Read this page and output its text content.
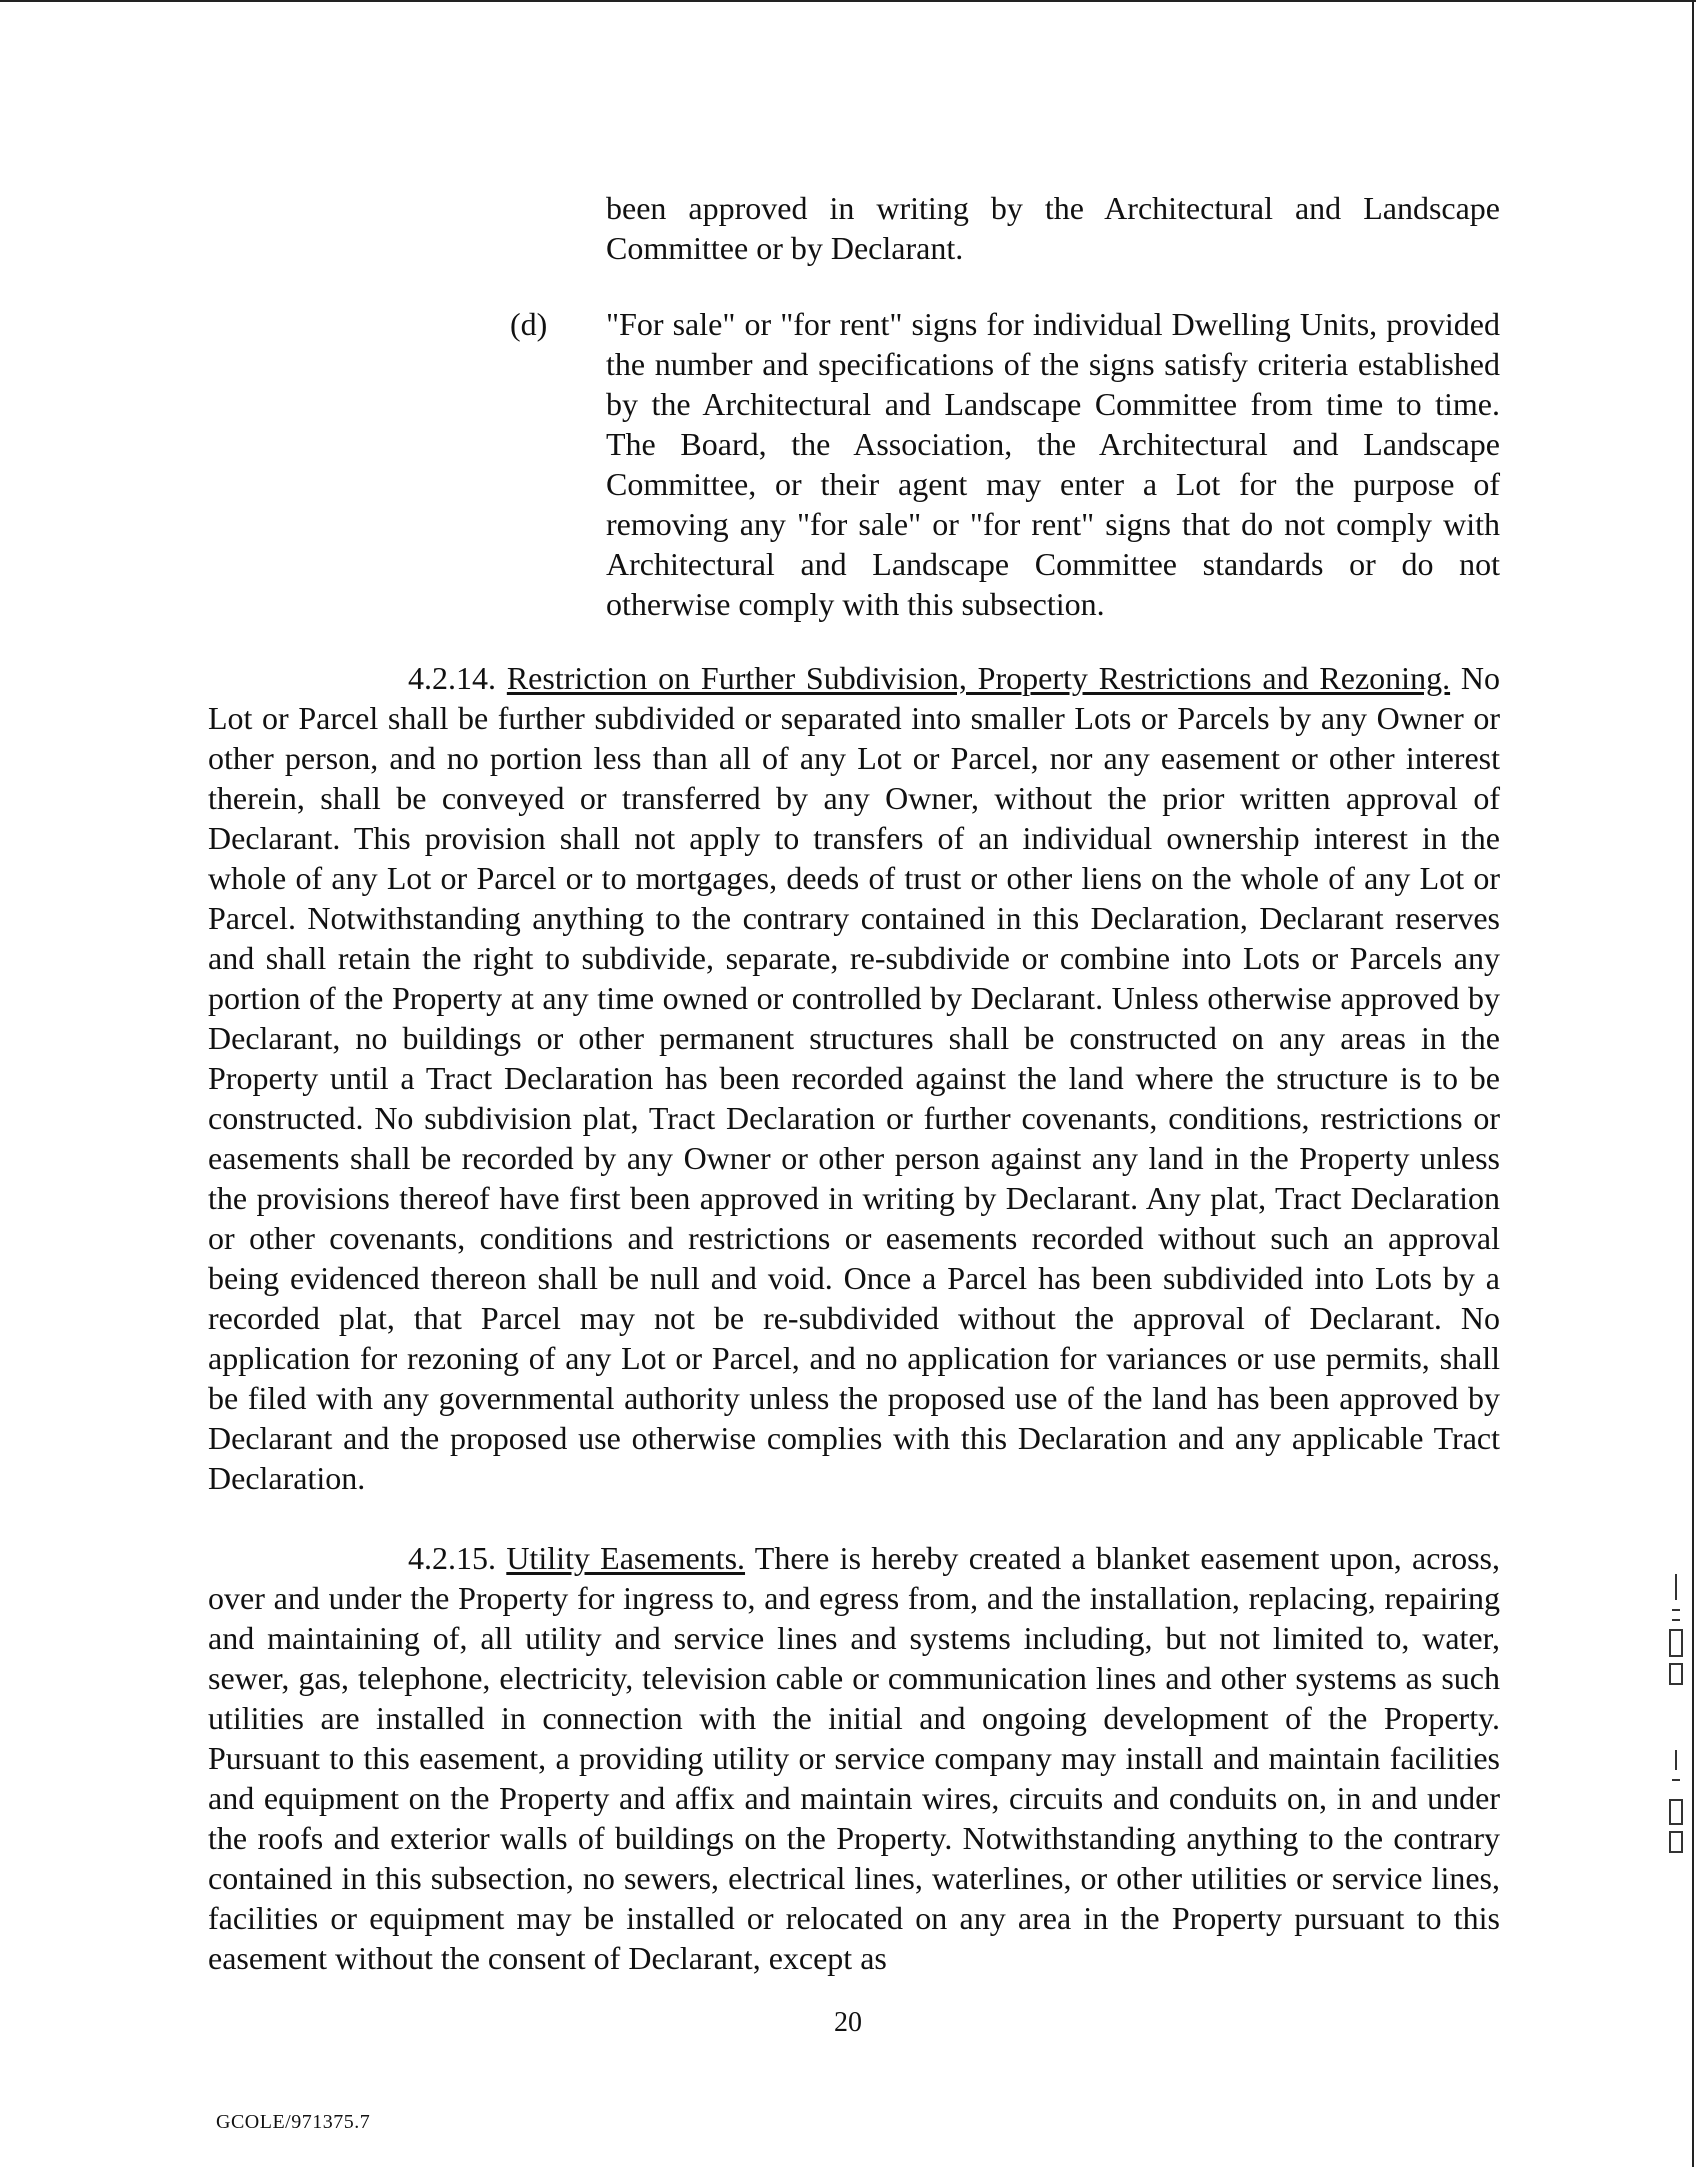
been approved in writing by the Architectural and Landscape Committee or by Declarant.

(d) "For sale" or "for rent" signs for individual Dwelling Units, provided the number and specifications of the signs satisfy criteria established by the Architectural and Landscape Committee from time to time. The Board, the Association, the Architectural and Landscape Committee, or their agent may enter a Lot for the purpose of removing any "for sale" or "for rent" signs that do not comply with Architectural and Landscape Committee standards or do not otherwise comply with this subsection.

4.2.14. Restriction on Further Subdivision, Property Restrictions and Rezoning. No Lot or Parcel shall be further subdivided or separated into smaller Lots or Parcels by any Owner or other person, and no portion less than all of any Lot or Parcel, nor any easement or other interest therein, shall be conveyed or transferred by any Owner, without the prior written approval of Declarant. This provision shall not apply to transfers of an individual ownership interest in the whole of any Lot or Parcel or to mortgages, deeds of trust or other liens on the whole of any Lot or Parcel. Notwithstanding anything to the contrary contained in this Declaration, Declarant reserves and shall retain the right to subdivide, separate, re-subdivide or combine into Lots or Parcels any portion of the Property at any time owned or controlled by Declarant. Unless otherwise approved by Declarant, no buildings or other permanent structures shall be constructed on any areas in the Property until a Tract Declaration has been recorded against the land where the structure is to be constructed. No subdivision plat, Tract Declaration or further covenants, conditions, restrictions or easements shall be recorded by any Owner or other person against any land in the Property unless the provisions thereof have first been approved in writing by Declarant. Any plat, Tract Declaration or other covenants, conditions and restrictions or easements recorded without such an approval being evidenced thereon shall be null and void. Once a Parcel has been subdivided into Lots by a recorded plat, that Parcel may not be re-subdivided without the approval of Declarant. No application for rezoning of any Lot or Parcel, and no application for variances or use permits, shall be filed with any governmental authority unless the proposed use of the land has been approved by Declarant and the proposed use otherwise complies with this Declaration and any applicable Tract Declaration.

4.2.15. Utility Easements. There is hereby created a blanket easement upon, across, over and under the Property for ingress to, and egress from, and the installation, replacing, repairing and maintaining of, all utility and service lines and systems including, but not limited to, water, sewer, gas, telephone, electricity, television cable or communication lines and other systems as such utilities are installed in connection with the initial and ongoing development of the Property. Pursuant to this easement, a providing utility or service company may install and maintain facilities and equipment on the Property and affix and maintain wires, circuits and conduits on, in and under the roofs and exterior walls of buildings on the Property. Notwithstanding anything to the contrary contained in this subsection, no sewers, electrical lines, waterlines, or other utilities or service lines, facilities or equipment may be installed or relocated on any area in the Property pursuant to this easement without the consent of Declarant, except as

20
GCOLE/971375.7
